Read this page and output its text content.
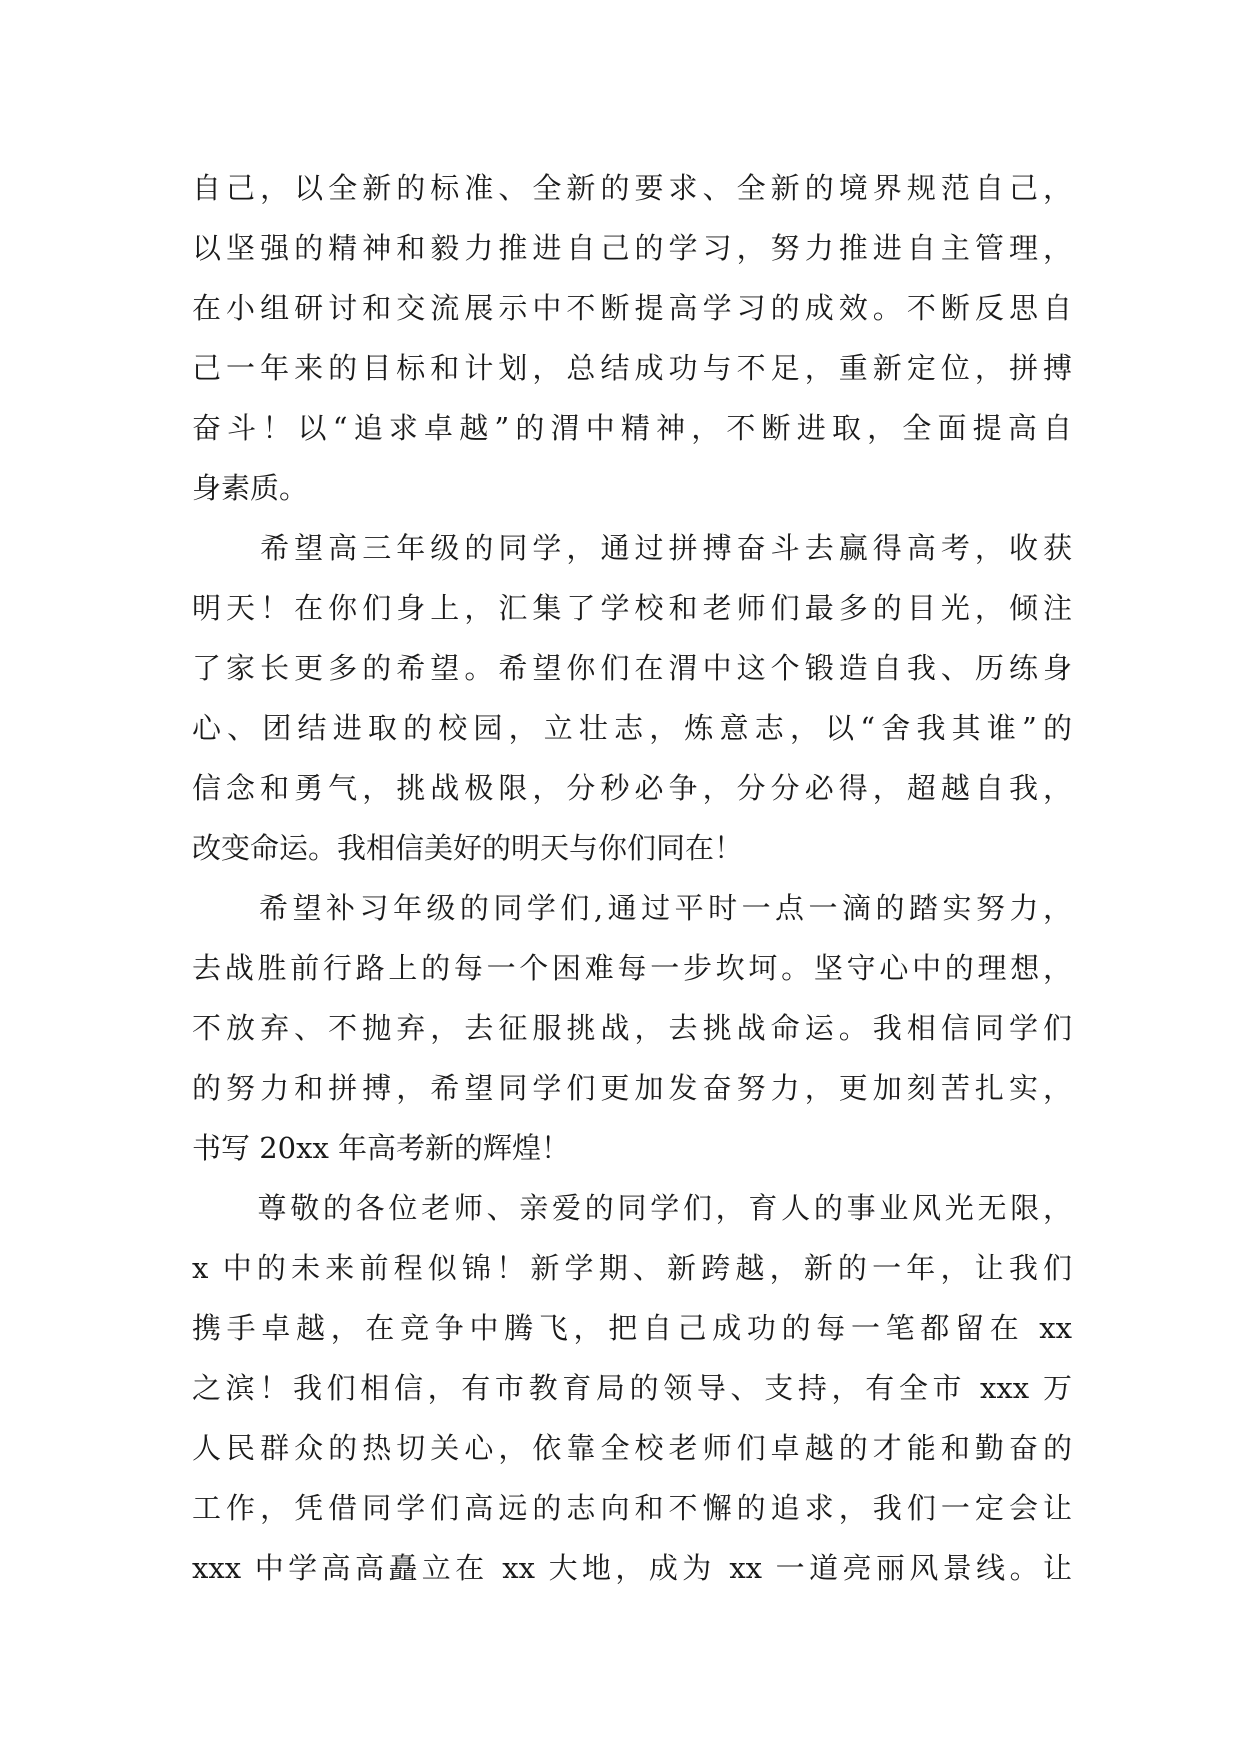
自己，以全新的标准、全新的要求、全新的境界规范自己，
以坚强的精神和毅力推进自己的学习，努力推进自主管理，
在小组研讨和交流展示中不断提高学习的成效。不断反思自
己一年来的目标和计划，总结成功与不足，重新定位，拼搏
奋斗！以“追求卓越”的渭中精神，不断进取，全面提高自
身素质。
　　希望高三年级的同学，通过拼搏奋斗去赢得高考，收获
明天！在你们身上，汇集了学校和老师们最多的目光，倾注
了家长更多的希望。希望你们在渭中这个锻造自我、历练身
心、团结进取的校园，立壮志，炼意志，以“舍我其谁”的
信念和勇气，挑战极限，分秒必争，分分必得，超越自我，
改变命运。我相信美好的明天与你们同在！
　　希望补习年级的同学们,通过平时一点一滴的踏实努力，
去战胜前行路上的每一个困难每一步坎坷。坚守心中的理想，
不放弃、不抛弃，去征服挑战，去挑战命运。我相信同学们
的努力和拼搏，希望同学们更加发奋努力，更加刻苦扎实，
书写 20xx 年高考新的辉煌！
　　尊敬的各位老师、亲爱的同学们，育人的事业风光无限，
x 中的未来前程似锦！新学期、新跨越，新的一年，让我们
携手卓越，在竞争中腾飞，把自己成功的每一笔都留在 xx
之滨！我们相信，有市教育局的领导、支持，有全市 xxx 万
人民群众的热切关心，依靠全校老师们卓越的才能和勤奋的
工作，凭借同学们高远的志向和不懈的追求，我们一定会让
xxx 中学高高矗立在 xx 大地，成为 xx 一道亮丽风景线。让
